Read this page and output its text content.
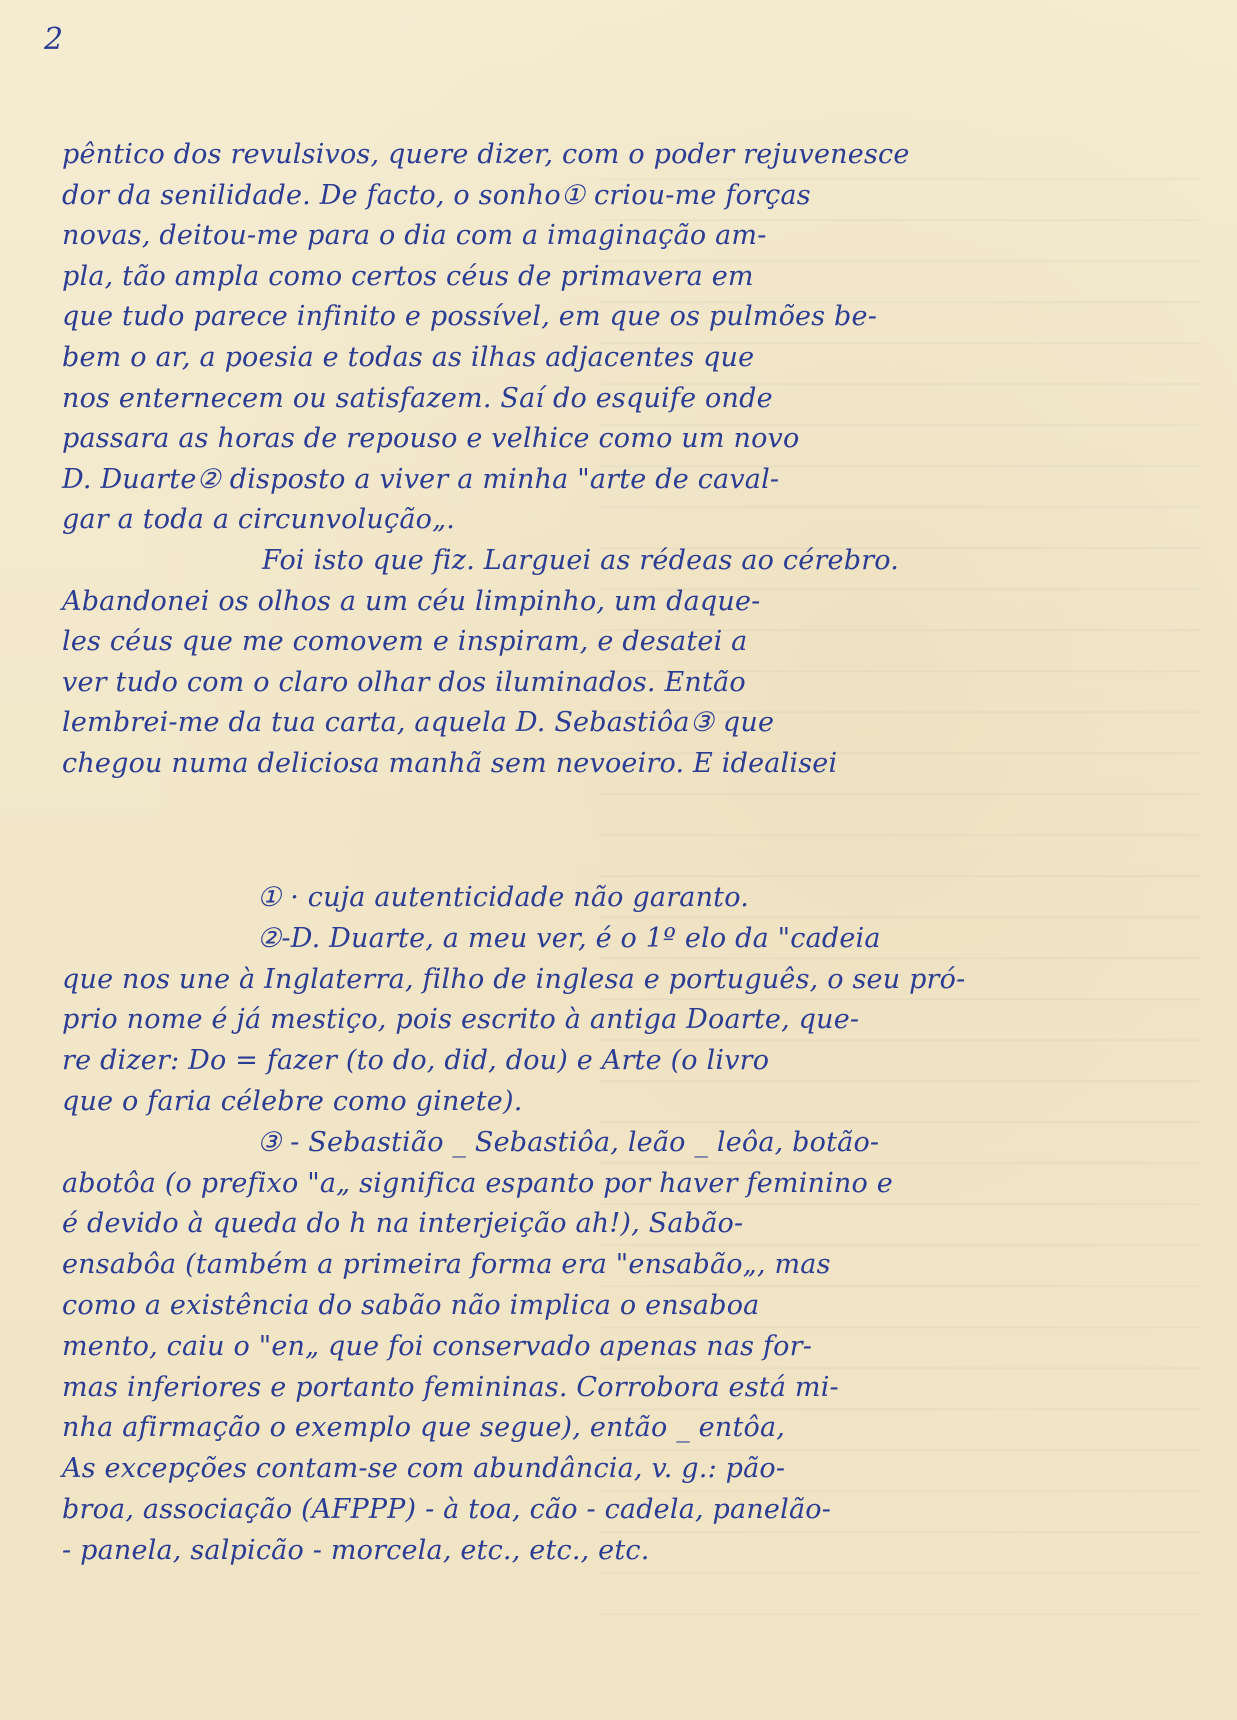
2
pêntico dos revulsivos, quere dizer, com o poder rejuvenesce
dor da senilidade. De facto, o sonho① criou-me forças
novas, deitou-me para o dia com a imaginação am-
pla, tão ampla como certos céus de primavera em
que tudo parece infinito e possível, em que os pulmões be-
bem o ar, a poesia e todas as ilhas adjacentes que
nos enternecem ou satisfazem. Saí do esquife onde
passara as horas de repouso e velhice como um novo
D. Duarte② disposto a viver a minha "arte de caval-
gar a toda a circunvolução„.
Foi isto que fiz. Larguei as rédeas ao cérebro.
Abandonei os olhos a um céu limpinho, um daque-
les céus que me comovem e inspiram, e desatei a
ver tudo com o claro olhar dos iluminados. Então
lembrei-me da tua carta, aquela D. Sebastiôa③ que
chegou numa deliciosa manhã sem nevoeiro. E idealisei
① · cuja autenticidade não garanto.
②-D. Duarte, a meu ver, é o 1º elo da "cadeia
que nos une à Inglaterra, filho de inglesa e português, o seu pró-
prio nome é já mestiço, pois escrito à antiga Doarte, que-
re dizer: Do = fazer (to do, did, dou) e Arte (o livro
que o faria célebre como ginete).
③ - Sebastião _ Sebastiôa, leão _ leôa, botão-
abotôa (o prefixo "a„ significa espanto por haver feminino e
é devido à queda do h na interjeição ah!), Sabão-
ensabôa (também a primeira forma era "ensabão„, mas
como a existência do sabão não implica o ensaboa
mento, caiu o "en„ que foi conservado apenas nas for-
mas inferiores e portanto femininas. Corrobora está mi-
nha afirmação o exemplo que segue), então _ entôa,
As excepções contam-se com abundância, v. g.: pão-
broa, associação (AFPPP) - à toa, cão - cadela, panelão-
- panela, salpicão - morcela, etc., etc., etc.
